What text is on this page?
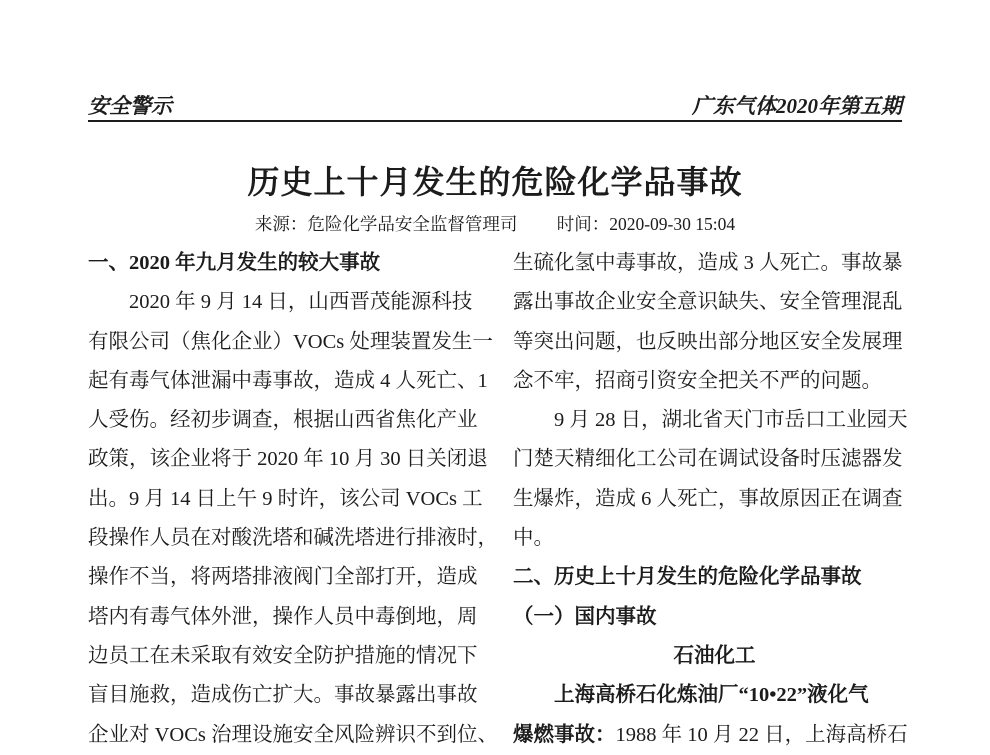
安全警示	广东气体2020年第五期
历史上十月发生的危险化学品事故
来源：危险化学品安全监督管理司 时间：2020-09-30 15:04
一、2020 年九月发生的较大事故
2020 年 9 月 14 日，山西晋茂能源科技
有限公司（焦化企业）VOCs 处理装置发生一
起有毒气体泄漏中毒事故，造成 4 人死亡、1
人受伤。经初步调查，根据山西省焦化产业
政策，该企业将于 2020 年 10 月 30 日关闭退
出。9 月 14 日上午 9 时许，该公司 VOCs 工
段操作人员在对酸洗塔和碱洗塔进行排液时，
操作不当，将两塔排液阀门全部打开，造成
塔内有毒气体外泄，操作人员中毒倒地，周
边员工在未采取有效安全防护措施的情况下
盲目施救，造成伤亡扩大。事故暴露出事故
企业对 VOCs 治理设施安全风险辨识不到位、
生硫化氢中毒事故，造成 3 人死亡。事故暴
露出事故企业安全意识缺失、安全管理混乱
等突出问题，也反映出部分地区安全发展理
念不牢，招商引资安全把关不严的问题。
9 月 28 日，湖北省天门市岳口工业园天
门楚天精细化工公司在调试设备时压滤器发
生爆炸，造成 6 人死亡，事故原因正在调查
中。
二、历史上十月发生的危险化学品事故
（一）国内事故
石油化工
上海高桥石化炼油厂“10•22”液化气
爆燃事故：1988 年 10 月 22 日，上海高桥石
